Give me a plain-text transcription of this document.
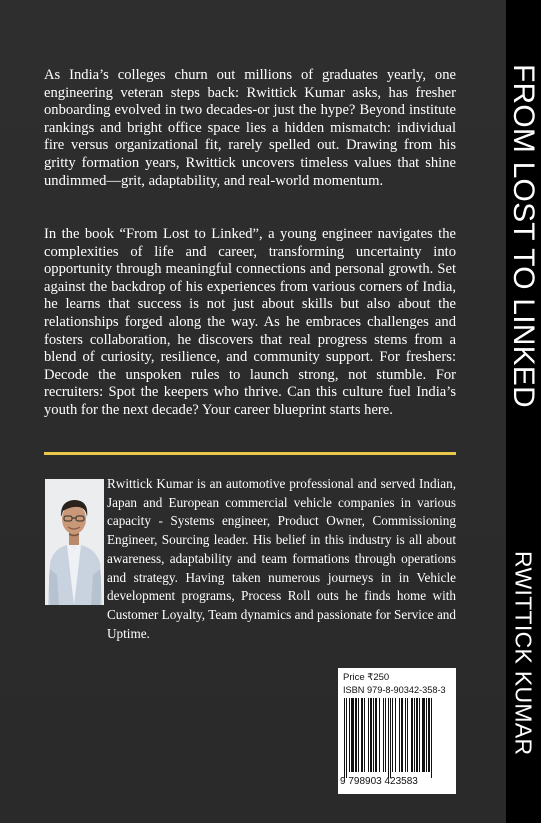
As India’s colleges churn out millions of graduates yearly, one engineering veteran steps back: Rwittick Kumar asks, has fresher onboarding evolved in two decades-or just the hype? Beyond institute rankings and bright office space lies a hidden mismatch: individual fire versus organizational fit, rarely spelled out. Drawing from his gritty formation years, Rwittick uncovers timeless values that shine undimmed—grit, adaptability, and real-world momentum.

In the book “From Lost to Linked”, a young engineer navigates the complexities of life and career, transforming uncertainty into opportunity through meaningful connections and personal growth. Set against the backdrop of his experiences from various corners of India, he learns that success is not just about skills but also about the relationships forged along the way. As he embraces challenges and fosters collaboration, he discovers that real progress stems from a blend of curiosity, resilience, and community support. For freshers: Decode the unspoken rules to launch strong, not stumble. For recruiters: Spot the keepers who thrive. Can this culture fuel India’s youth for the next decade? Your career blueprint starts here.

Rwittick Kumar is an automotive professional and served Indian, Japan and European commercial vehicle companies in various capacity - Systems engineer, Product Owner, Commissioning Engineer, Sourcing leader. His belief in this industry is all about awareness, adaptability and team formations through operations and strategy. Having taken numerous journeys in in Vehicle development programs, Process Roll outs he finds home with Customer Loyalty, Team dynamics and passionate for Service and Uptime.

Price ₹250
ISBN 979-8-90342-358-3
9 798903 423583
FROM LOST TO LINKED
RWITTICK KUMAR
